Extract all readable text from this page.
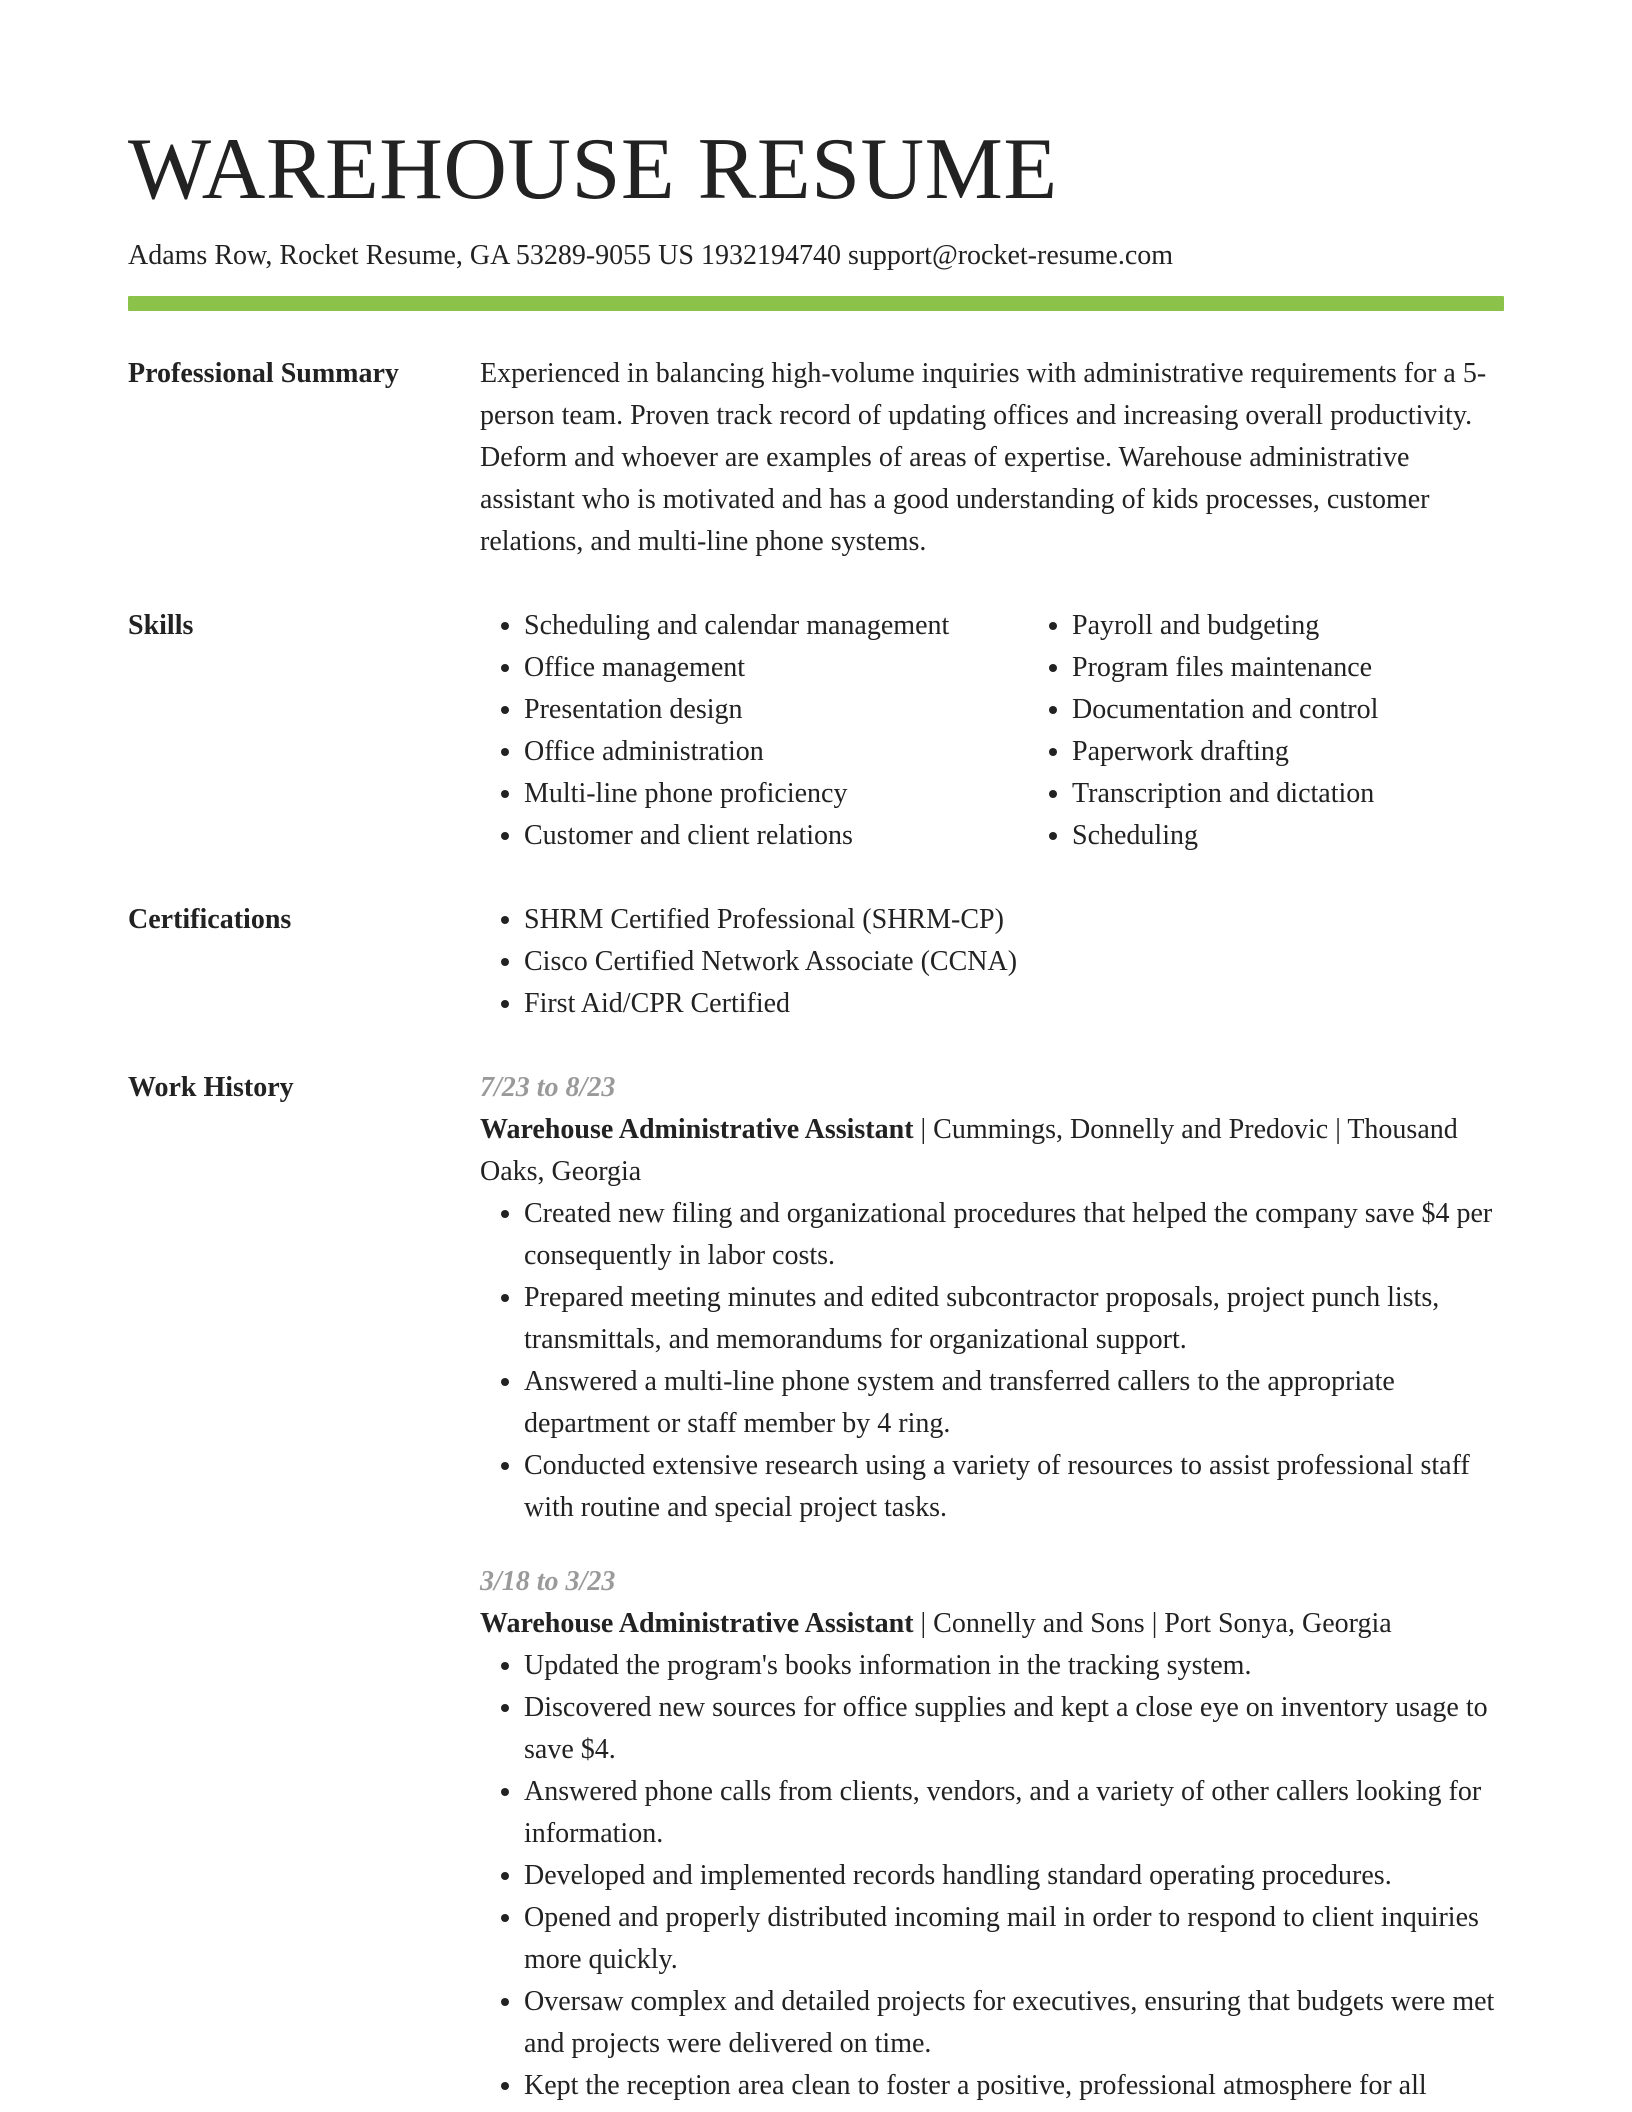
WAREHOUSE RESUME
Adams Row, Rocket Resume, GA 53289-9055 US 1932194740 support@rocket-resume.com
Professional Summary	Experienced in balancing high-volume inquiries with administrative requirements for a 5-person team. Proven track record of updating offices and increasing overall productivity. Deform and whoever are examples of areas of expertise. Warehouse administrative assistant who is motivated and has a good understanding of kids processes, customer relations, and multi-line phone systems.

Skills	• Scheduling and calendar management
• Office management
• Presentation design
• Office administration
• Multi-line phone proficiency
• Customer and client relations
• Payroll and budgeting
• Program files maintenance
• Documentation and control
• Paperwork drafting
• Transcription and dictation
• Scheduling
Certifications	• SHRM Certified Professional (SHRM-CP)
• Cisco Certified Network Associate (CCNA)
• First Aid/CPR Certified
Work History	7/23 to 8/23

Warehouse Administrative Assistant | Cummings, Donnelly and Predovic | Thousand Oaks, Georgia

• Created new filing and organizational procedures that helped the company save $4 per consequently in labor costs.
• Prepared meeting minutes and edited subcontractor proposals, project punch lists, transmittals, and memorandums for organizational support.
• Answered a multi-line phone system and transferred callers to the appropriate department or staff member by 4 ring.
• Conducted extensive research using a variety of resources to assist professional staff with routine and special project tasks.
3/18 to 3/23

Warehouse Administrative Assistant | Connelly and Sons | Port Sonya, Georgia

• Updated the program's books information in the tracking system.
• Discovered new sources for office supplies and kept a close eye on inventory usage to save $4.
• Answered phone calls from clients, vendors, and a variety of other callers looking for information.
• Developed and implemented records handling standard operating procedures.
• Opened and properly distributed incoming mail in order to respond to client inquiries more quickly.
• Oversaw complex and detailed projects for executives, ensuring that budgets were met and projects were delivered on time.
• Kept the reception area clean to foster a positive, professional atmosphere for all
